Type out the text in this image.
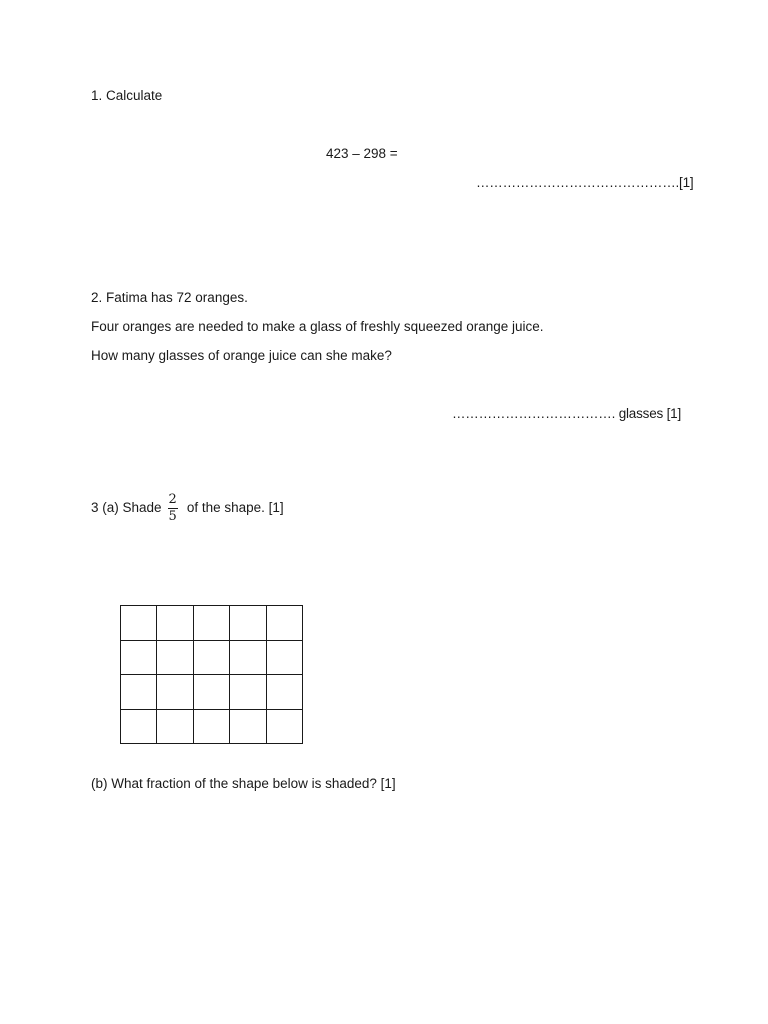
1. Calculate
423 – 298 =
……………………………………….[1]
2. Fatima has 72 oranges.
Four oranges are needed to make a glass of freshly squeezed orange juice.
How many glasses of orange juice can she make?
………………………………. glasses [1]
3 (a) Shade $\frac{2}{5}$ of the shape. [1]
(b) What fraction of the shape below is shaded? [1]
